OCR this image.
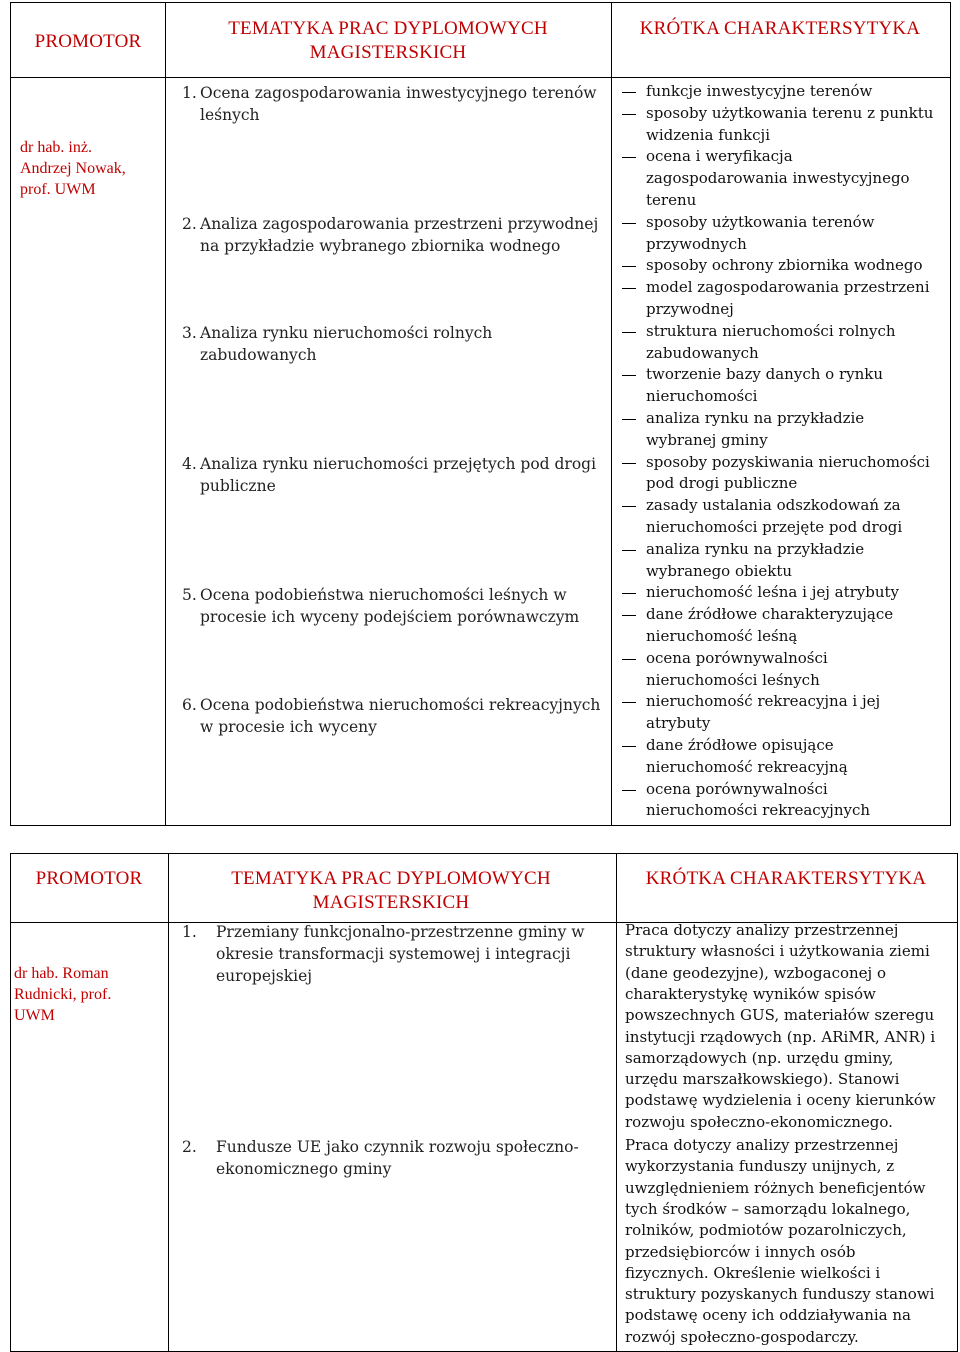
PROMOTOR
TEMATYKA PRAC DYPLOMOWYCH
MAGISTERSKICH
KRÓTKA CHARAKTERSYTYKA
dr hab. inż.
Andrzej Nowak,
prof. UWM
1. Ocena zagospodarowania inwestycyjnego terenów
leśnych
2. Analiza zagospodarowania przestrzeni przywodnej
na przykładzie wybranego zbiornika wodnego
3. Analiza rynku nieruchomości rolnych
zabudowanych
4. Analiza rynku nieruchomości przejętych pod drogi
publiczne
5. Ocena podobieństwa nieruchomości leśnych w
procesie ich wyceny podejściem porównawczym
6. Ocena podobieństwa nieruchomości rekreacyjnych
w procesie ich wyceny
funkcje inwestycyjne terenów
sposoby użytkowania terenu z punktu
widzenia funkcji
ocena i weryfikacja
zagospodarowania inwestycyjnego
terenu
sposoby użytkowania terenów
przywodnych
sposoby ochrony zbiornika wodnego
model zagospodarowania przestrzeni
przywodnej
struktura nieruchomości rolnych
zabudowanych
tworzenie bazy danych o rynku
nieruchomości
analiza rynku na przykładzie
wybranej gminy
sposoby pozyskiwania nieruchomości
pod drogi publiczne
zasady ustalania odszkodowań za
nieruchomości przejęte pod drogi
analiza rynku na przykładzie
wybranego obiektu
nieruchomość leśna i jej atrybuty
dane źródłowe charakteryzujące
nieruchomość leśną
ocena porównywalności
nieruchomości leśnych
nieruchomość rekreacyjna i jej
atrybuty
dane źródłowe opisujące
nieruchomość rekreacyjną
ocena porównywalności
nieruchomości rekreacyjnych
PROMOTOR	TEMATYKA PRAC DYPLOMOWYCH
MAGISTERSKICH
KRÓTKA CHARAKTERSYTYKA
dr hab. Roman
Rudnicki, prof.
UWM
1. Przemiany funkcjonalno-przestrzenne gminy w
okresie transformacji systemowej i integracji
europejskiej
2. Fundusze UE jako czynnik rozwoju społeczno-
ekonomicznego gminy
Praca dotyczy analizy przestrzennej
struktury własności i użytkowania ziemi
(dane geodezyjne), wzbogaconej o
charakterystykę wyników spisów
powszechnych GUS, materiałów szeregu
instytucji rządowych (np. ARiMR, ANR) i
samorządowych (np. urzędu gminy,
urzędu marszałkowskiego). Stanowi
podstawę wydzielenia i oceny kierunków
rozwoju społeczno-ekonomicznego.
Praca dotyczy analizy przestrzennej
wykorzystania funduszy unijnych, z
uwzględnieniem różnych beneficjentów
tych środków – samorządu lokalnego,
rolników, podmiotów pozarolniczych,
przedsiębiorców i innych osób
fizycznych. Określenie wielkości i
struktury pozyskanych funduszy stanowi
podstawę oceny ich oddziaływania na
rozwój społeczno-gospodarczy.
